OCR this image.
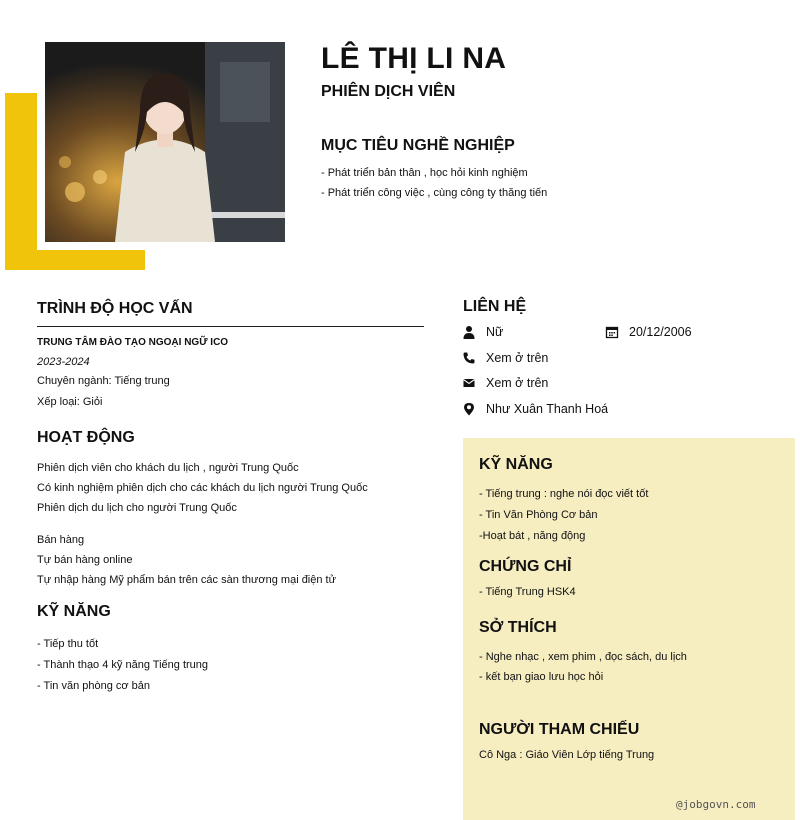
LÊ THỊ LI NA
PHIÊN DỊCH VIÊN
MỤC TIÊU NGHỀ NGHIỆP
- Phát triển bản thân , học hỏi kinh nghiệm
- Phát triển công việc , cùng công ty thăng tiến
TRÌNH ĐỘ HỌC VẤN
TRUNG TÂM ĐÀO TẠO NGOẠI NGỮ ICO
2023-2024
Chuyên ngành: Tiếng trung
Xếp loại: Giỏi
HOẠT ĐỘNG
Phiên dịch viên cho khách du lịch , người Trung Quốc
Có kinh nghiệm phiên dịch cho các khách du lịch người Trung Quốc
Phiên dịch du lịch cho người Trung Quốc
Bán hàng
Tự bán hàng online
Tự nhập hàng Mỹ phẩm bán trên các sàn thương mại điện tử
KỸ NĂNG
- Tiếp thu tốt
- Thành thạo 4 kỹ năng Tiếng trung
- Tin văn phòng cơ bản
LIÊN HỆ
Nữ	20/12/2006
Xem ở trên
Xem ở trên
Như Xuân Thanh Hoá
KỸ NĂNG
- Tiếng trung : nghe nói đọc viết tốt
- Tin Văn Phòng Cơ bản
-Hoạt bát , năng động
CHỨNG CHỈ
- Tiếng Trung HSK4
SỞ THÍCH
- Nghe nhạc , xem phim , đọc sách, du lịch
- kết bạn giao lưu học hỏi
NGƯỜI THAM CHIẾU
Cô Nga : Giáo Viên Lớp tiếng Trung
@jobgovn.com
